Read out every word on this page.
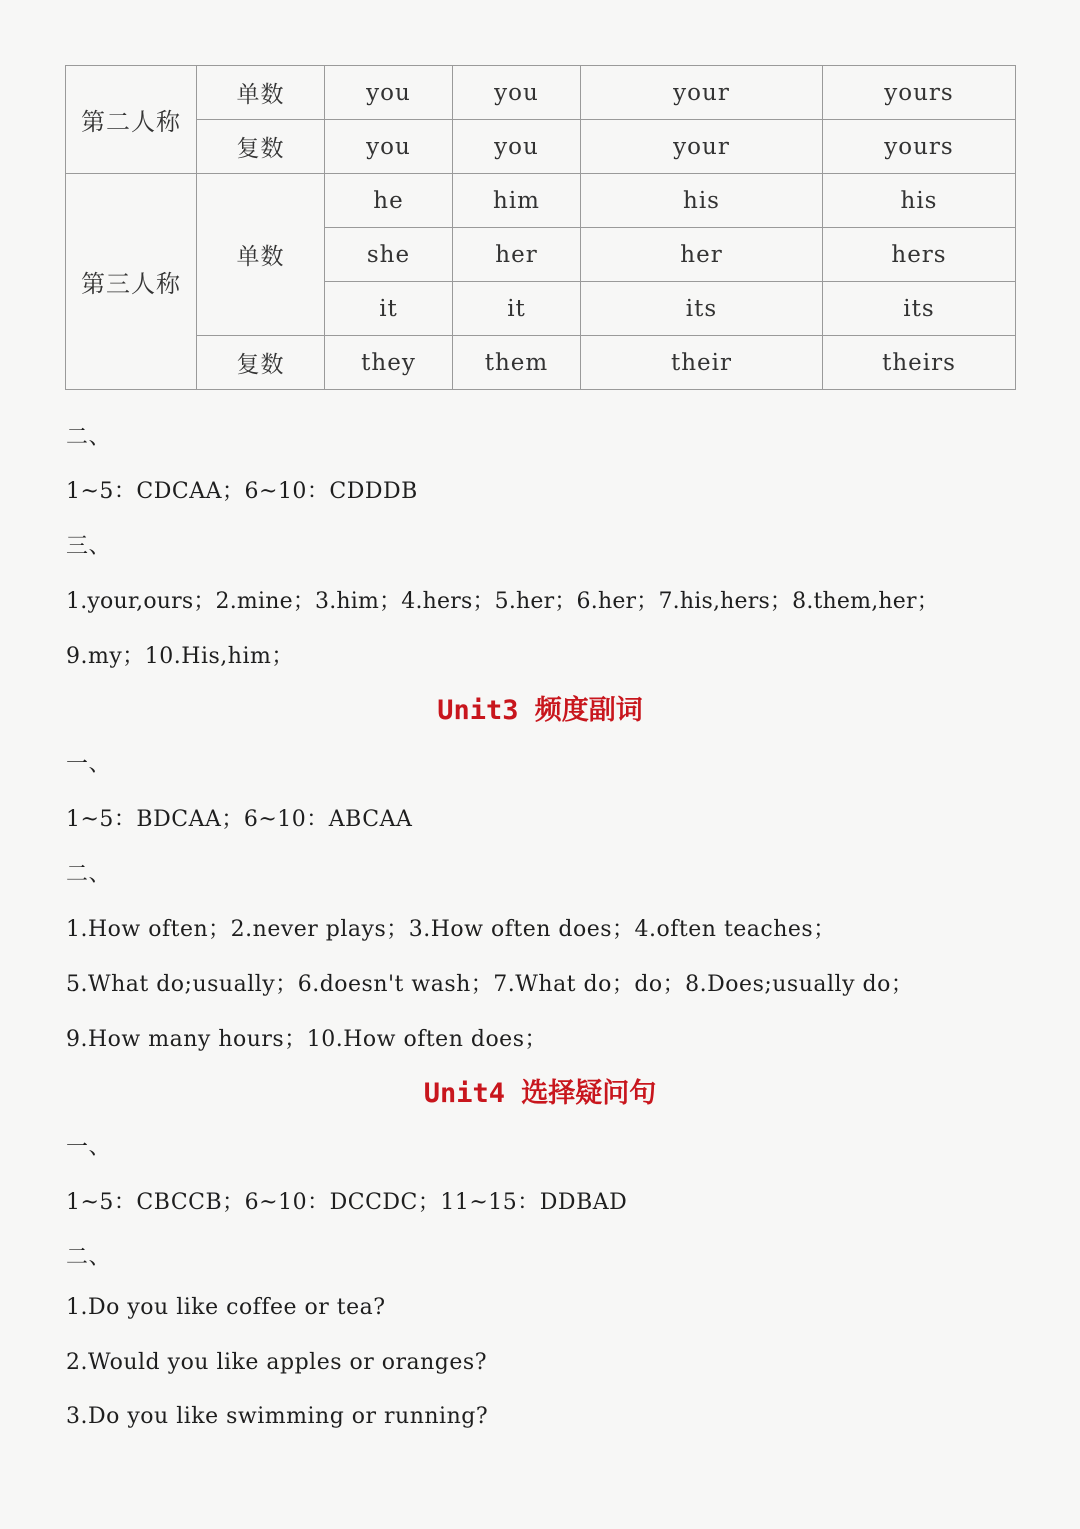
第二人称	单数	you	you	your	yours
	复数	you	you	your	yours
第三人称	单数	he	him	his	his
		she	her	her	hers
		it	it	its	its
	复数	they	them	their	theirs
二、
1~5：CDCAA；6~10：CDDDB
三、
1.your,ours；2.mine；3.him；4.hers；5.her；6.her；7.his,hers；8.them,her；
9.my；10.His,him；
Unit3 频度副词
一、
1~5：BDCAA；6~10：ABCAA
二、
1.How often；2.never plays；3.How often does；4.often teaches；
5.What do;usually；6.doesn't wash；7.What do；do；8.Does;usually do；
9.How many hours；10.How often does；
Unit4 选择疑问句
一、
1~5：CBCCB；6~10：DCCDC；11~15：DDBAD
二、
1.Do you like coffee or tea?
2.Would you like apples or oranges?
3.Do you like swimming or running?
